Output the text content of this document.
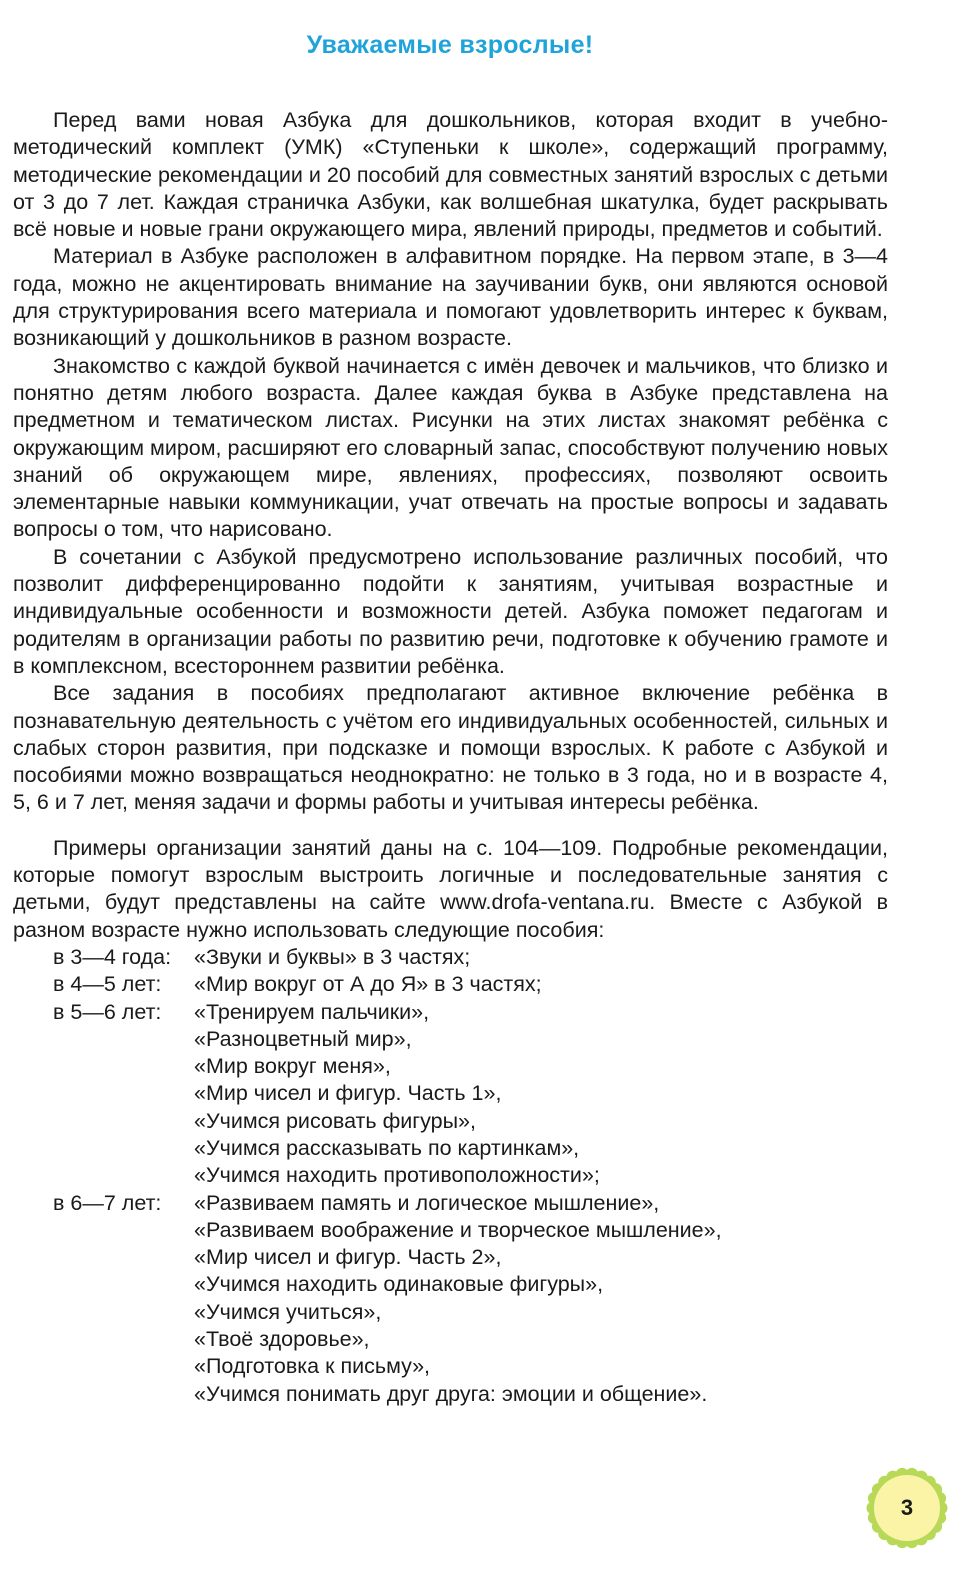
Уважаемые взрослые!

Перед вами новая Азбука для дошкольников, которая входит в учебно-методический комплект (УМК) «Ступеньки к школе», содержащий программу, методические рекомендации и 20 пособий для совместных занятий взрослых с детьми от 3 до 7 лет. Каждая страничка Азбуки, как волшебная шкатулка, будет раскрывать всё новые и новые грани окружающего мира, явлений природы, предметов и событий.

Материал в Азбуке расположен в алфавитном порядке. На первом этапе, в 3—4 года, можно не акцентировать внимание на заучивании букв, они являются основой для структурирования всего материала и помогают удовлетворить интерес к буквам, возникающий у дошкольников в разном возрасте.

Знакомство с каждой буквой начинается с имён девочек и мальчиков, что близко и понятно детям любого возраста. Далее каждая буква в Азбуке представлена на предметном и тематическом листах. Рисунки на этих листах знакомят ребёнка с окружающим миром, расширяют его словарный запас, способствуют получению новых знаний об окружающем мире, явлениях, профессиях, позволяют освоить элементарные навыки коммуникации, учат отвечать на простые вопросы и задавать вопросы о том, что нарисовано.

В сочетании с Азбукой предусмотрено использование различных пособий, что позволит дифференцированно подойти к занятиям, учитывая возрастные и индивидуальные особенности и возможности детей. Азбука поможет педагогам и родителям в организации работы по развитию речи, подготовке к обучению грамоте и в комплексном, всестороннем развитии ребёнка.

Все задания в пособиях предполагают активное включение ребёнка в познавательную деятельность с учётом его индивидуальных особенностей, сильных и слабых сторон развития, при подсказке и помощи взрослых. К работе с Азбукой и пособиями можно возвращаться неоднократно: не только в 3 года, но и в возрасте 4, 5, 6 и 7 лет, меняя задачи и формы работы и учитывая интересы ребёнка.

Примеры организации занятий даны на с. 104—109. Подробные рекомендации, которые помогут взрослым выстроить логичные и последовательные занятия с детьми, будут представлены на сайте www.drofa-ventana.ru. Вместе с Азбукой в разном возрасте нужно использовать следующие пособия:

в 3—4 года:	«Звуки и буквы» в 3 частях;
в 4—5 лет:	«Мир вокруг от А до Я» в 3 частях;
в 5—6 лет:	«Тренируем пальчики»,
«Разноцветный мир»,
«Мир вокруг меня»,
«Мир чисел и фигур. Часть 1»,
«Учимся рисовать фигуры»,
«Учимся рассказывать по картинкам»,
«Учимся находить противоположности»;
в 6—7 лет:	«Развиваем память и логическое мышление»,
«Развиваем воображение и творческое мышление»,
«Мир чисел и фигур. Часть 2»,
«Учимся находить одинаковые фигуры»,
«Учимся учиться»,
«Твоё здоровье»,
«Подготовка к письму»,
«Учимся понимать друг друга: эмоции и общение».
3
